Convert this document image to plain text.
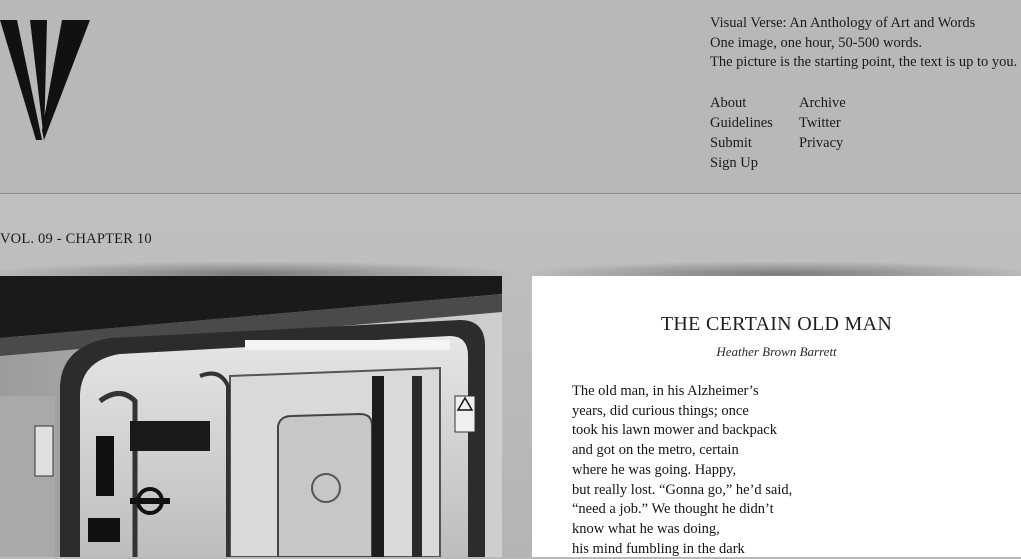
Visual Verse: An Anthology of Art and Words
One image, one hour, 50-500 words.
The picture is the starting point, the text is up to you.
About
Guidelines
Submit
Sign Up
Archive
Twitter
Privacy
VOL. 09 - CHAPTER 10
THE CERTAIN OLD MAN
Heather Brown Barrett
The old man, in his Alzheimer’s
years, did curious things; once
took his lawn mower and backpack
and got on the metro, certain
where he was going. Happy,
but really lost. “Gonna go,” he’d said,
“need a job.” We thought he didn’t
know what he was doing,
his mind fumbling in the dark
